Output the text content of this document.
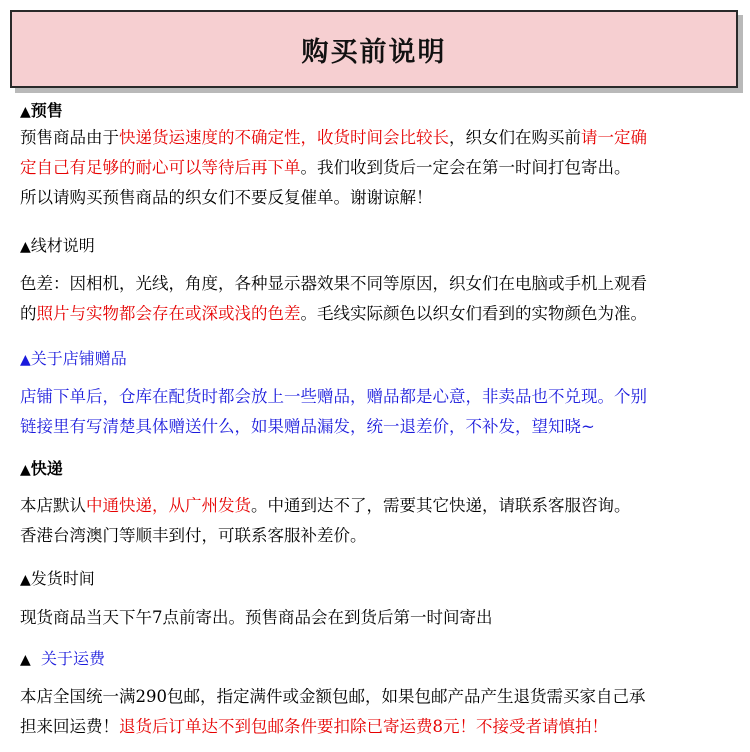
购买前说明
▲预售
预售商品由于快递货运速度的不确定性，收货时间会比较长，织女们在购买前请一定确
定自己有足够的耐心可以等待后再下单。我们收到货后一定会在第一时间打包寄出。
所以请购买预售商品的织女们不要反复催单。谢谢谅解！
▲线材说明
色差：因相机，光线，角度，各种显示器效果不同等原因，织女们在电脑或手机上观看
的照片与实物都会存在或深或浅的色差。毛线实际颜色以织女们看到的实物颜色为准。
▲关于店铺赠品
店铺下单后，仓库在配货时都会放上一些赠品，赠品都是心意，非卖品也不兑现。个别
链接里有写清楚具体赠送什么，如果赠品漏发，统一退差价，不补发，望知晓~
▲快递
本店默认中通快递，从广州发货。中通到达不了，需要其它快递，请联系客服咨询。
香港台湾澳门等顺丰到付，可联系客服补差价。
▲发货时间
现货商品当天下午7点前寄出。预售商品会在到货后第一时间寄出
▲ 关于运费
本店全国统一满290包邮，指定满件或金额包邮，如果包邮产品产生退货需买家自己承
担来回运费！退货后订单达不到包邮条件要扣除已寄运费8元！不接受者请慎拍！
